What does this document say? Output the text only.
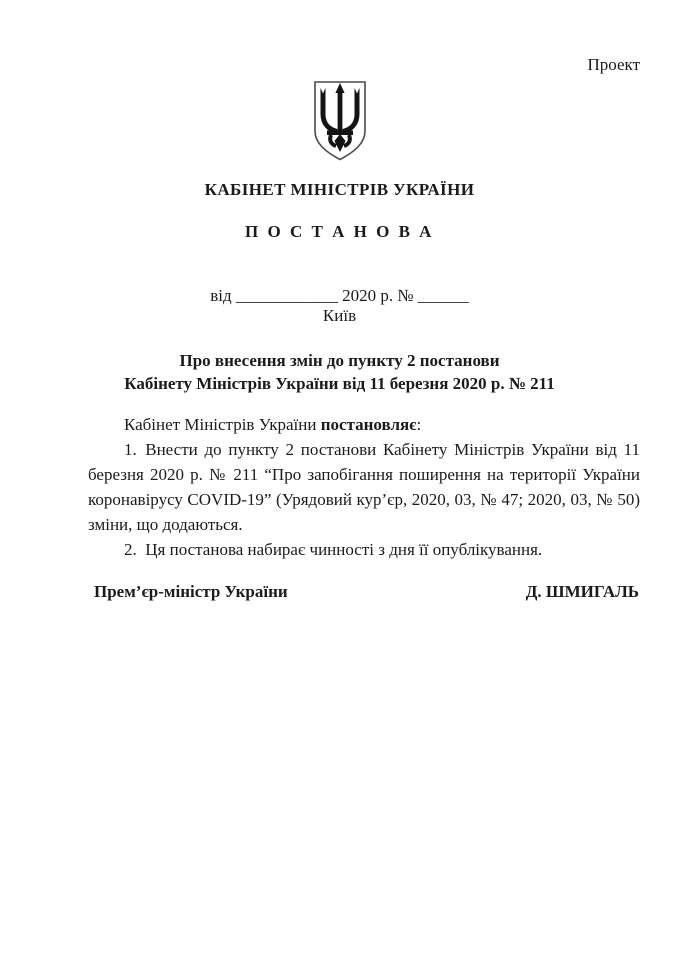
Проект
КАБІНЕТ МІНІСТРІВ УКРАЇНИ
П О С Т А Н О В А
від ____________ 2020 р. № ______
Київ
Про внесення змін до пункту 2 постанови
Кабінету Міністрів України від 11 березня 2020 р. № 211

Кабінет Міністрів України постановляє:

1. Внести до пункту 2 постанови Кабінету Міністрів України від 11 березня 2020 р. № 211 “Про запобігання поширення на території України коронавірусу COVID-19” (Урядовий кур’єр, 2020, 03, № 47; 2020, 03, № 50) зміни, що додаються.

2. Ця постанова набирає чинності з дня її опублікування.

Прем’єр-міністр України	Д. ШМИГАЛЬ
